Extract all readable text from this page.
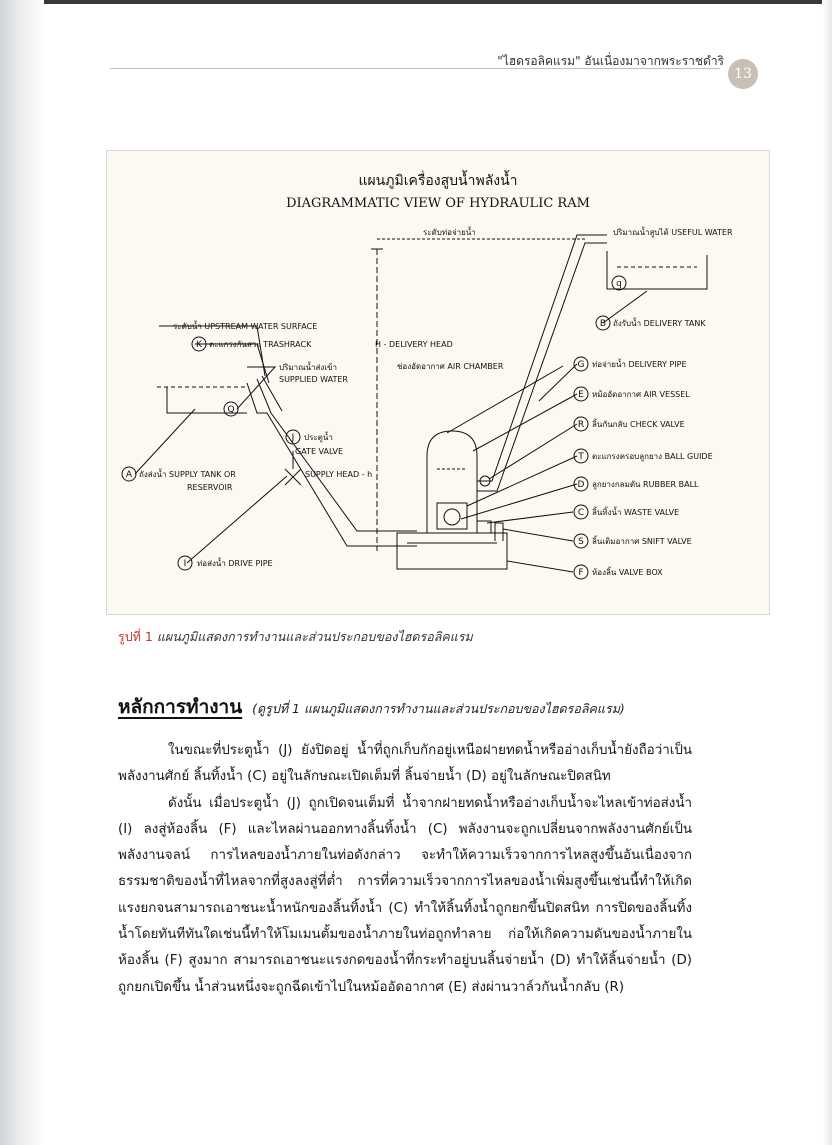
"ไฮดรอลิคแรม" อันเนื่องมาจากพระราชดำริ
13
แผนภูมิเครื่องสูบน้ำพลังน้ำ
DIAGRAMMATIC VIEW OF HYDRAULIC RAM
K
Q
J
A
I
q
B
G
E
R
T
D
C
S
F
ระดับน้ำ UPSTREAM WATER SURFACE
ตะแกรงกันสวะ TRASHRACK
ปริมาณน้ำส่งเข้า
SUPPLIED WATER
ประตูน้ำ
GATE VALVE
SUPPLY HEAD - h
ถังส่งน้ำ SUPPLY TANK OR
RESERVOIR
ท่อส่งน้ำ DRIVE PIPE
ระดับท่อจ่ายน้ำ
H - DELIVERY HEAD
ช่องอัดอากาศ AIR CHAMBER
ปริมาณน้ำสูบได้ USEFUL WATER
ถังรับน้ำ DELIVERY TANK
ท่อจ่ายน้ำ DELIVERY PIPE
หม้ออัดอากาศ AIR VESSEL
ลิ้นกันกลับ CHECK VALVE
ตะแกรงครอบลูกยาง BALL GUIDE
ลูกยางกลมตัน RUBBER BALL
ลิ้นทิ้งน้ำ WASTE VALVE
ลิ้นเติมอากาศ SNIFT VALVE
ห้องลิ้น VALVE BOX
รูปที่ 1 แผนภูมิแสดงการทำงานและส่วนประกอบของไฮดรอลิคแรม
หลักการทำงาน (ดูรูปที่ 1 แผนภูมิแสดงการทำงานและส่วนประกอบของไฮดรอลิคแรม)

ในขณะที่ประตูน้ำ (J) ยังปิดอยู่ น้ำที่ถูกเก็บกักอยู่เหนือฝายทดน้ำหรืออ่างเก็บน้ำยังถือว่าเป็นพลังงานศักย์ ลิ้นทิ้งน้ำ (C) อยู่ในลักษณะเปิดเต็มที่ ลิ้นจ่ายน้ำ (D) อยู่ในลักษณะปิดสนิท

ดังนั้น เมื่อประตูน้ำ (J) ถูกเปิดจนเต็มที่ น้ำจากฝายทดน้ำหรืออ่างเก็บน้ำจะไหลเข้าท่อส่งน้ำ (I) ลงสู่ห้องลิ้น (F) และไหลผ่านออกทางลิ้นทิ้งน้ำ (C) พลังงานจะถูกเปลี่ยนจากพลังงานศักย์เป็นพลังงานจลน์ การไหลของน้ำภายในท่อดังกล่าว จะทำให้ความเร็วจากการไหลสูงขึ้นอันเนื่องจากธรรมชาติของน้ำที่ไหลจากที่สูงลงสู่ที่ต่ำ การที่ความเร็วจากการไหลของน้ำเพิ่มสูงขึ้นเช่นนี้ทำให้เกิดแรงยกจนสามารถเอาชนะน้ำหนักของลิ้นทิ้งน้ำ (C) ทำให้ลิ้นทิ้งน้ำถูกยกขึ้นปิดสนิท การปิดของลิ้นทิ้งน้ำโดยทันทีทันใดเช่นนี้ทำให้โมเมนตั้มของน้ำภายในท่อถูกทำลาย ก่อให้เกิดความดันของน้ำภายในห้องลิ้น (F) สูงมาก สามารถเอาชนะแรงกดของน้ำที่กระทำอยู่บนลิ้นจ่ายน้ำ (D) ทำให้ลิ้นจ่ายน้ำ (D) ถูกยกเปิดขึ้น น้ำส่วนหนึ่งจะถูกฉีดเข้าไปในหม้ออัดอากาศ (E) ส่งผ่านวาล์วกันน้ำกลับ (R)
